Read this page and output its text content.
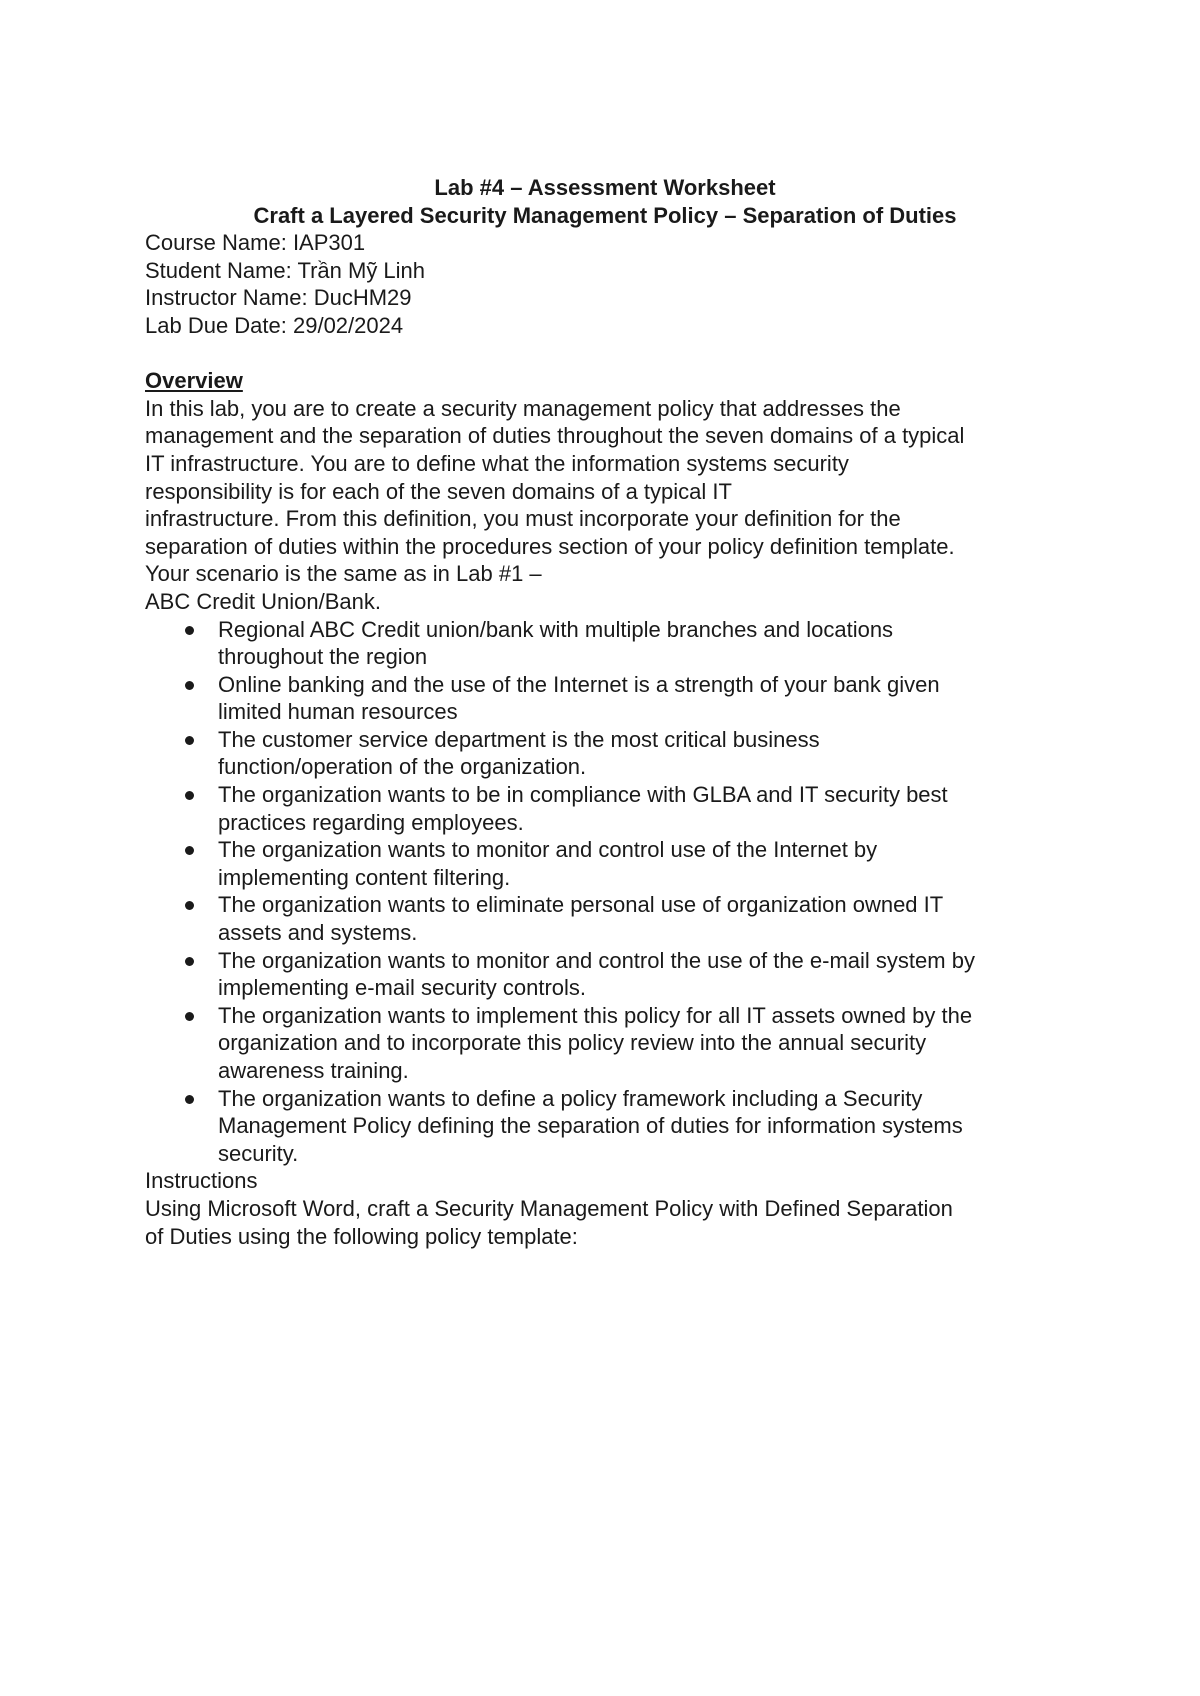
Lab #4 – Assessment Worksheet

Craft a Layered Security Management Policy – Separation of Duties

Course Name: IAP301

Student Name: Trần Mỹ Linh

Instructor Name: DucHM29

Lab Due Date: 29/02/2024

Overview

In this lab, you are to create a security management policy that addresses the

management and the separation of duties throughout the seven domains of a typical

IT infrastructure. You are to define what the information systems security

responsibility is for each of the seven domains of a typical IT

infrastructure. From this definition, you must incorporate your definition for the

separation of duties within the procedures section of your policy definition template.

Your scenario is the same as in Lab #1 –

ABC Credit Union/Bank.

Regional ABC Credit union/bank with multiple branches and locations
throughout the region
Online banking and the use of the Internet is a strength of your bank given
limited human resources
The customer service department is the most critical business
function/operation of the organization.
The organization wants to be in compliance with GLBA and IT security best
practices regarding employees.
The organization wants to monitor and control use of the Internet by
implementing content filtering.
The organization wants to eliminate personal use of organization owned IT
assets and systems.
The organization wants to monitor and control the use of the e-mail system by
implementing e-mail security controls.
The organization wants to implement this policy for all IT assets owned by the
organization and to incorporate this policy review into the annual security
awareness training.
The organization wants to define a policy framework including a Security
Management Policy defining the separation of duties for information systems
security.

Instructions

Using Microsoft Word, craft a Security Management Policy with Defined Separation

of Duties using the following policy template:
